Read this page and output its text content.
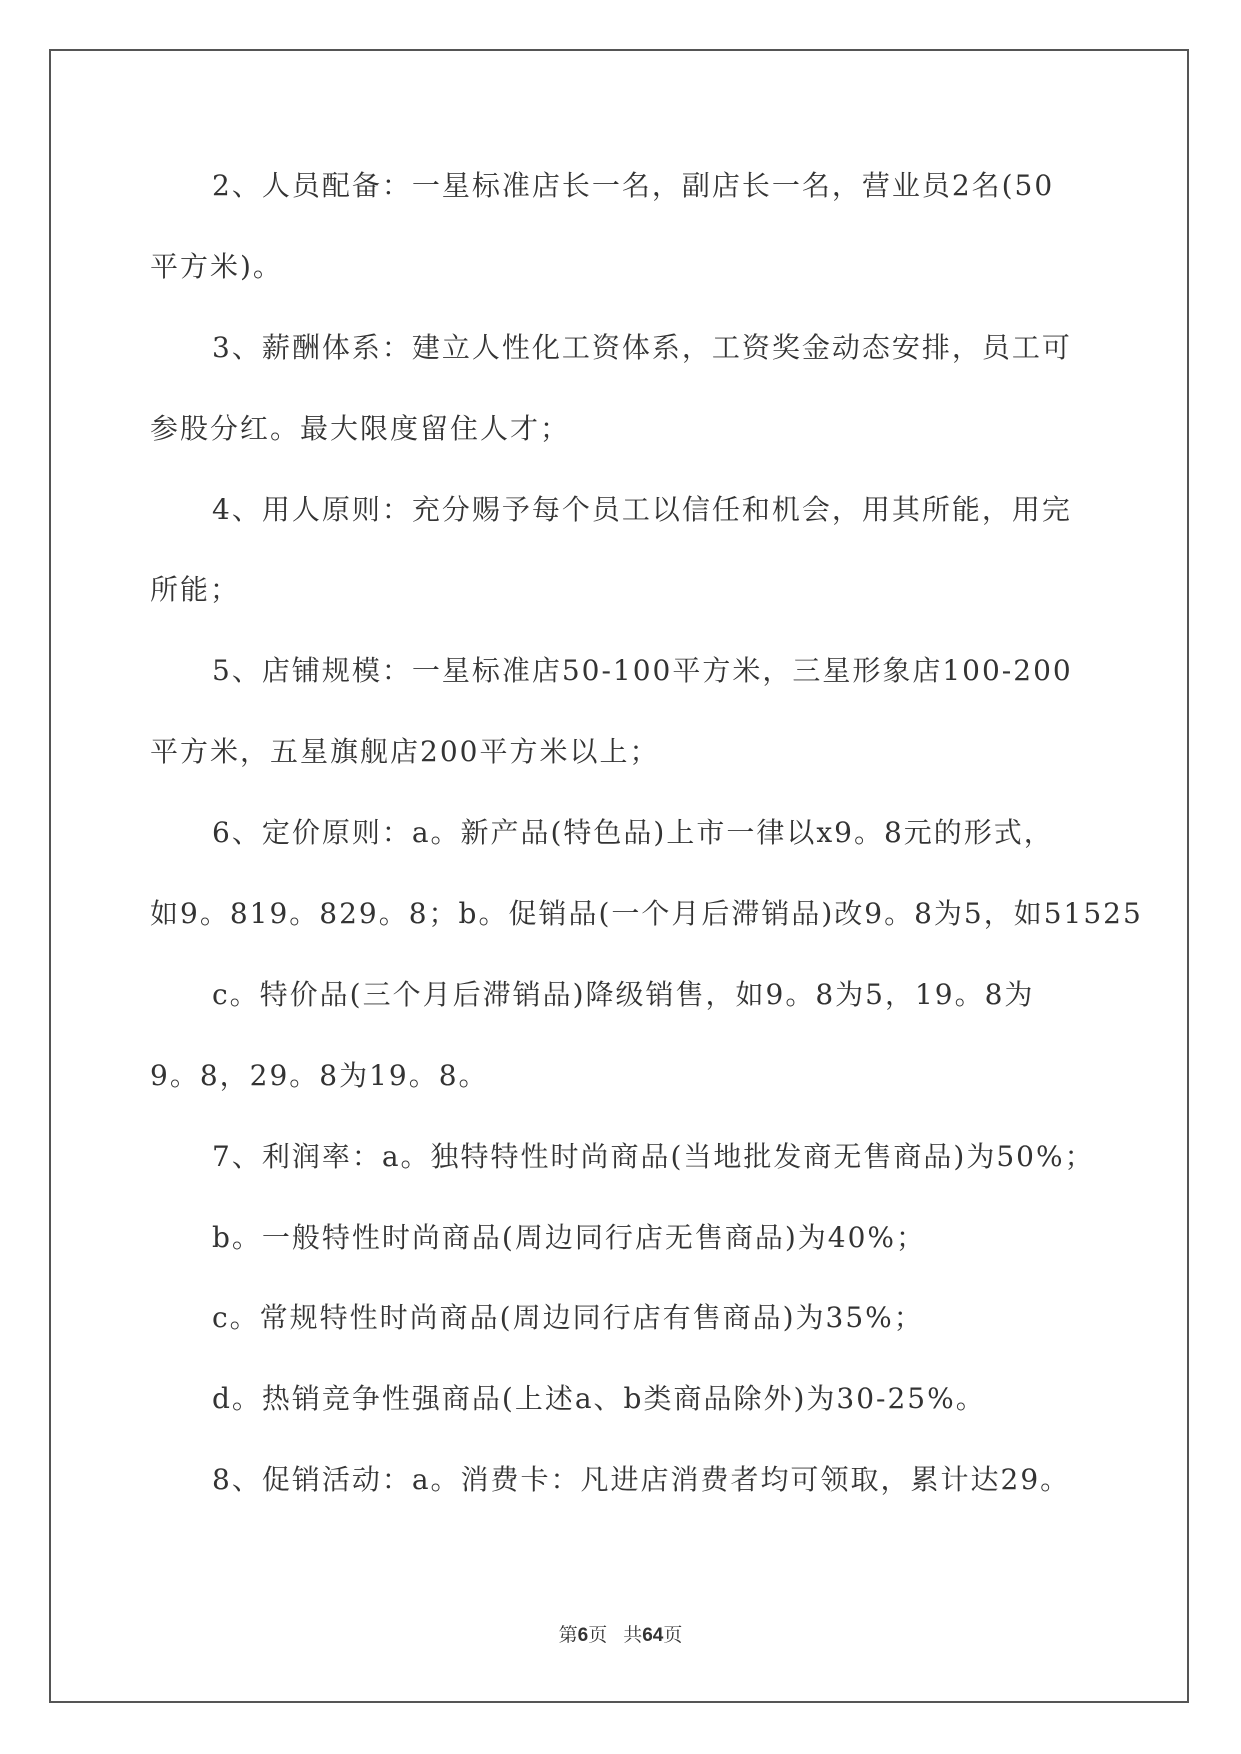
2、人员配备：一星标准店长一名，副店长一名，营业员2名(50
平方米)。
3、薪酬体系：建立人性化工资体系，工资奖金动态安排，员工可
参股分红。最大限度留住人才；
4、用人原则：充分赐予每个员工以信任和机会，用其所能，用完
所能；
5、店铺规模：一星标准店50-100平方米，三星形象店100-200
平方米，五星旗舰店200平方米以上；
6、定价原则：a。新产品(特色品)上市一律以x9。8元的形式，
如9。819。829。8；b。促销品(一个月后滞销品)改9。8为5，如51525
c。特价品(三个月后滞销品)降级销售，如9。8为5，19。8为
9。8，29。8为19。8。
7、利润率：a。独特特性时尚商品(当地批发商无售商品)为50%；
b。一般特性时尚商品(周边同行店无售商品)为40%；
c。常规特性时尚商品(周边同行店有售商品)为35%；
d。热销竞争性强商品(上述a、b类商品除外)为30-25%。
8、促销活动：a。消费卡：凡进店消费者均可领取，累计达29。
第6页 共64页
